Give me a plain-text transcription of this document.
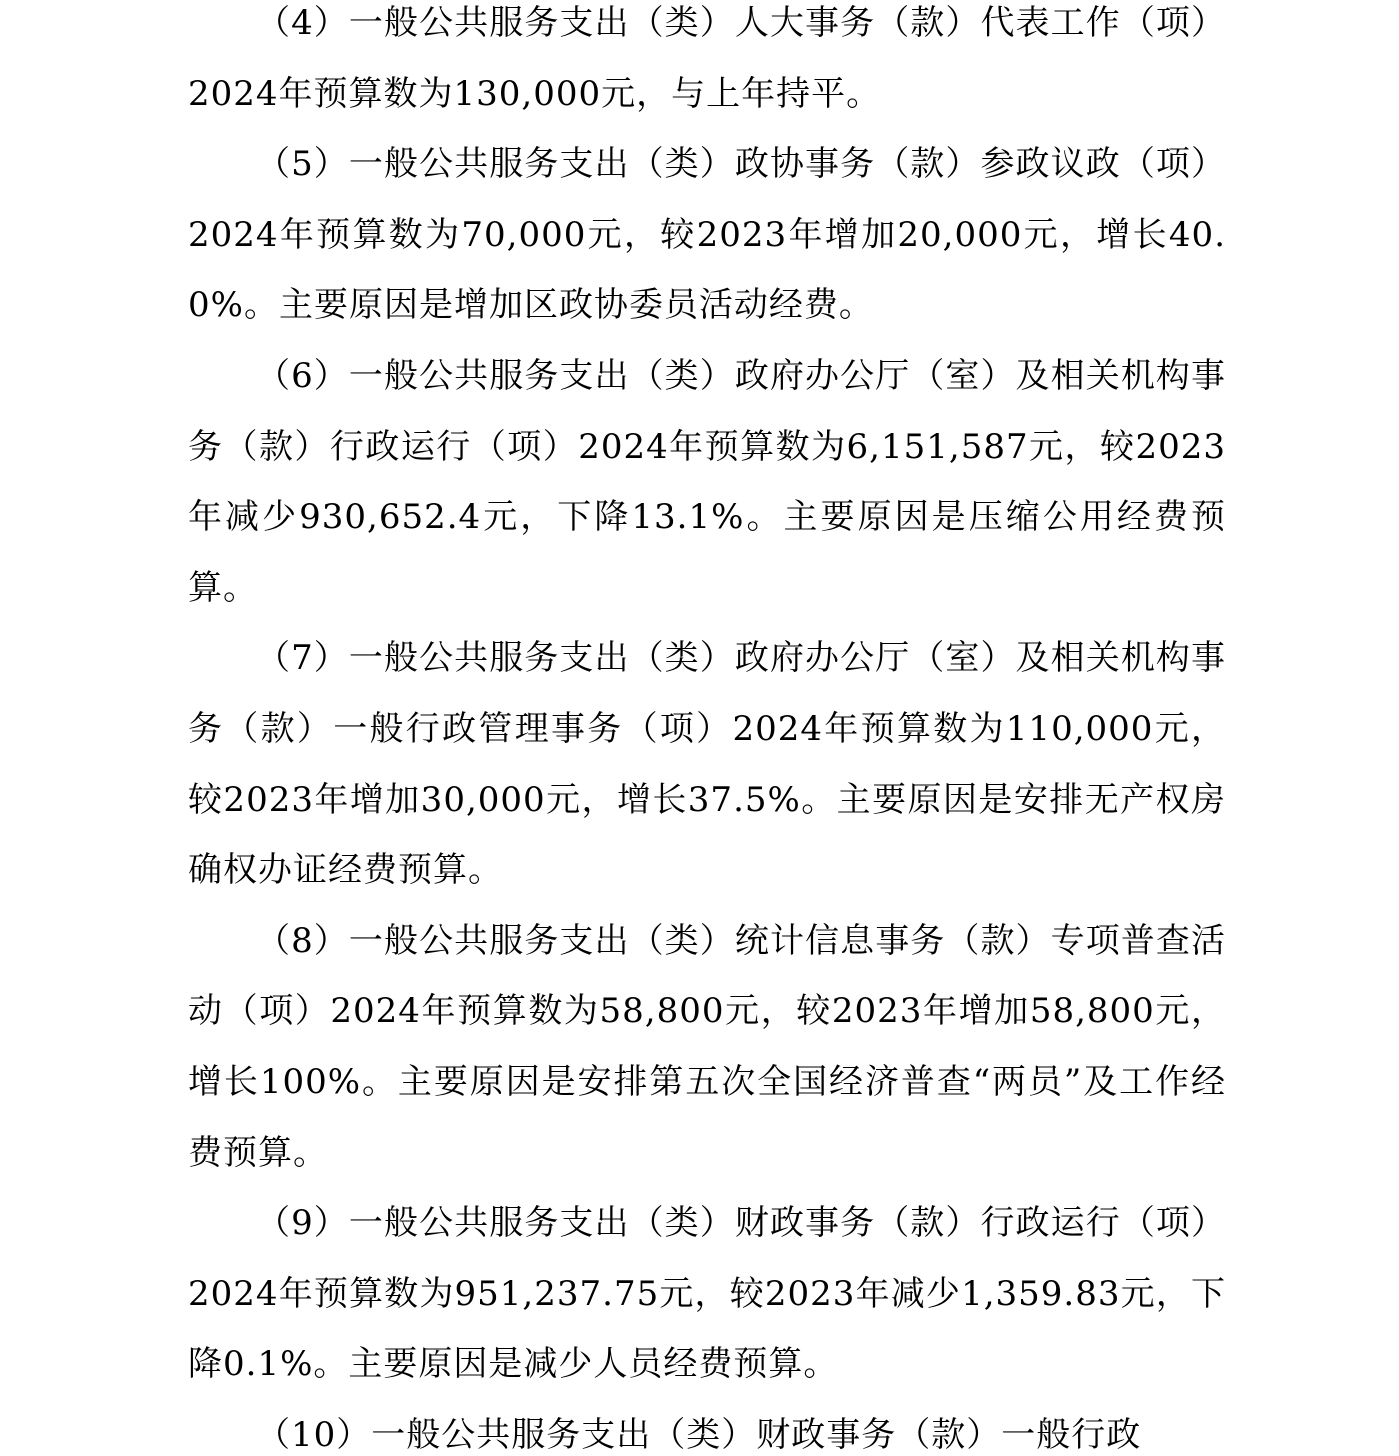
（4）一般公共服务支出（类）人大事务（款）代表工作（项）2024年预算数为130,000元，与上年持平。

（5）一般公共服务支出（类）政协事务（款）参政议政（项）2024年预算数为70,000元，较2023年增加20,000元，增长40.0%。主要原因是增加区政协委员活动经费。

（6）一般公共服务支出（类）政府办公厅（室）及相关机构事务（款）行政运行（项）2024年预算数为6,151,587元，较2023年减少930,652.4元，下降13.1%。主要原因是压缩公用经费预算。

（7）一般公共服务支出（类）政府办公厅（室）及相关机构事务（款）一般行政管理事务（项）2024年预算数为110,000元，较2023年增加30,000元，增长37.5%。主要原因是安排无产权房确权办证经费预算。

（8）一般公共服务支出（类）统计信息事务（款）专项普查活动（项）2024年预算数为58,800元，较2023年增加58,800元，增长100%。主要原因是安排第五次全国经济普查“两员”及工作经费预算。

（9）一般公共服务支出（类）财政事务（款）行政运行（项）2024年预算数为951,237.75元，较2023年减少1,359.83元，下降0.1%。主要原因是减少人员经费预算。

（10）一般公共服务支出（类）财政事务（款）一般行政
